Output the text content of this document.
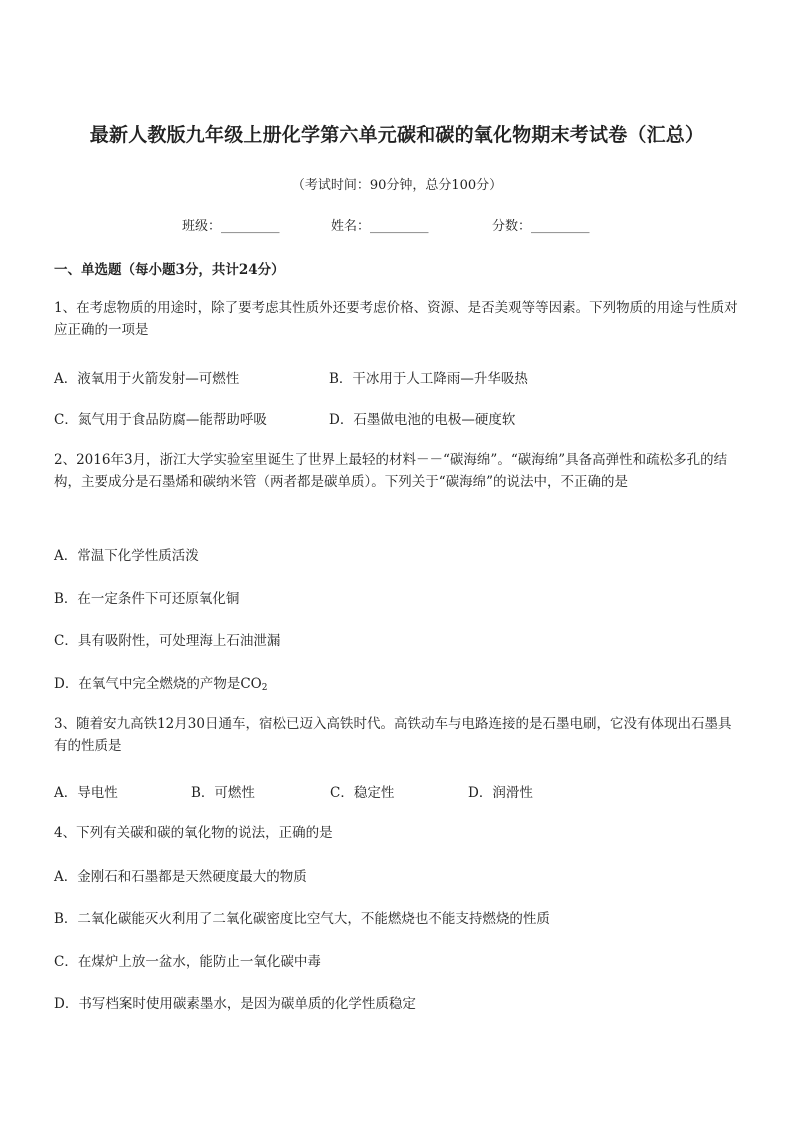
最新人教版九年级上册化学第六单元碳和碳的氧化物期末考试卷（汇总）
（考试时间：90分钟，总分100分）
班级：_________	姓名：_________	分数：_________
一、单选题（每小题3分，共计24分）
1、在考虑物质的用途时，除了要考虑其性质外还要考虑价格、资源、是否美观等等因素。下列物质的用途与性质对应正确的一项是
A．液氧用于火箭发射—可燃性	B．干冰用于人工降雨—升华吸热
C．氮气用于食品防腐—能帮助呼吸	D．石墨做电池的电极—硬度软
2、2016年3月，浙江大学实验室里诞生了世界上最轻的材料－－“碳海绵”。“碳海绵”具备高弹性和疏松多孔的结构，主要成分是石墨烯和碳纳米管（两者都是碳单质）。下列关于“碳海绵”的说法中，不正确的是
A．常温下化学性质活泼
B．在一定条件下可还原氧化铜
C．具有吸附性，可处理海上石油泄漏
D．在氧气中完全燃烧的产物是$CO_2$
3、随着安九高铁12月30日通车，宿松已迈入高铁时代。高铁动车与电路连接的是石墨电刷，它没有体现出石墨具有的性质是
A．导电性	B．可燃性	C．稳定性	D．润滑性
4、下列有关碳和碳的氧化物的说法，正确的是
A．金刚石和石墨都是天然硬度最大的物质
B．二氧化碳能灭火利用了二氧化碳密度比空气大，不能燃烧也不能支持燃烧的性质
C．在煤炉上放一盆水，能防止一氧化碳中毒
D．书写档案时使用碳素墨水，是因为碳单质的化学性质稳定
